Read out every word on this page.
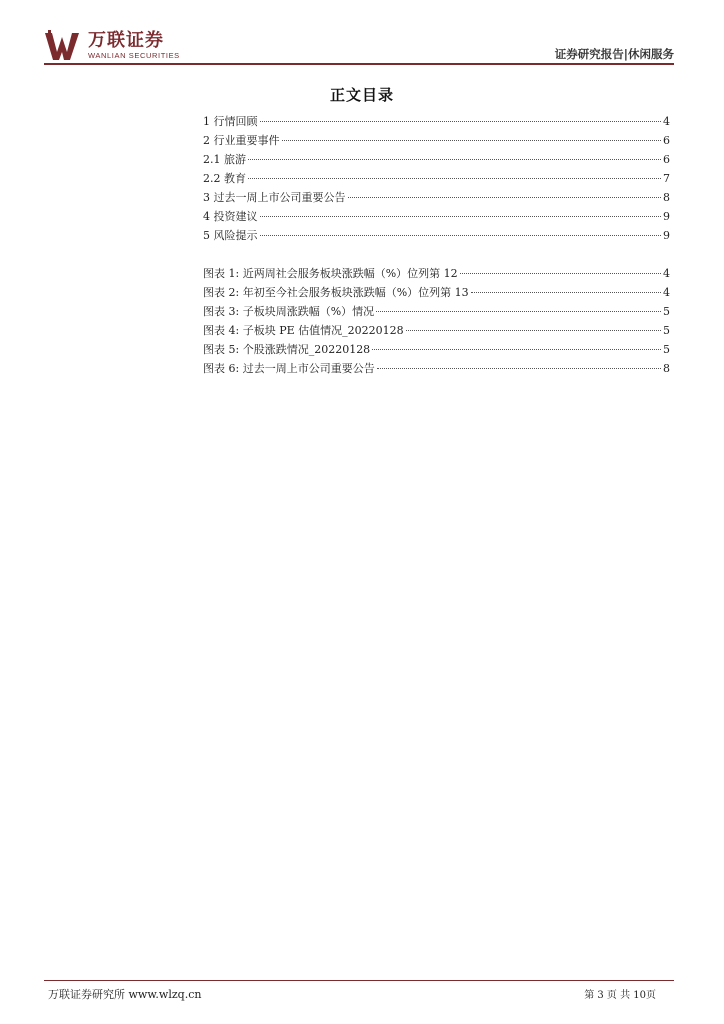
万联证券
WANLIAN SECURITIES	证券研究报告|休闲服务
正文目录
1 行情回顾	4
2 行业重要事件	6
2.1 旅游	6
2.2 教育	7
3 过去一周上市公司重要公告	8
4 投资建议	9
5 风险提示	9
图表 1: 近两周社会服务板块涨跌幅（%）位列第 12	4
图表 2: 年初至今社会服务板块涨跌幅（%）位列第 13	4
图表 3: 子板块周涨跌幅（%）情况	5
图表 4: 子板块 PE 估值情况_20220128	5
图表 5: 个股涨跌情况_20220128	5
图表 6: 过去一周上市公司重要公告	8
万联证券研究所 www.wlzq.cn	第 3 页 共 10页
